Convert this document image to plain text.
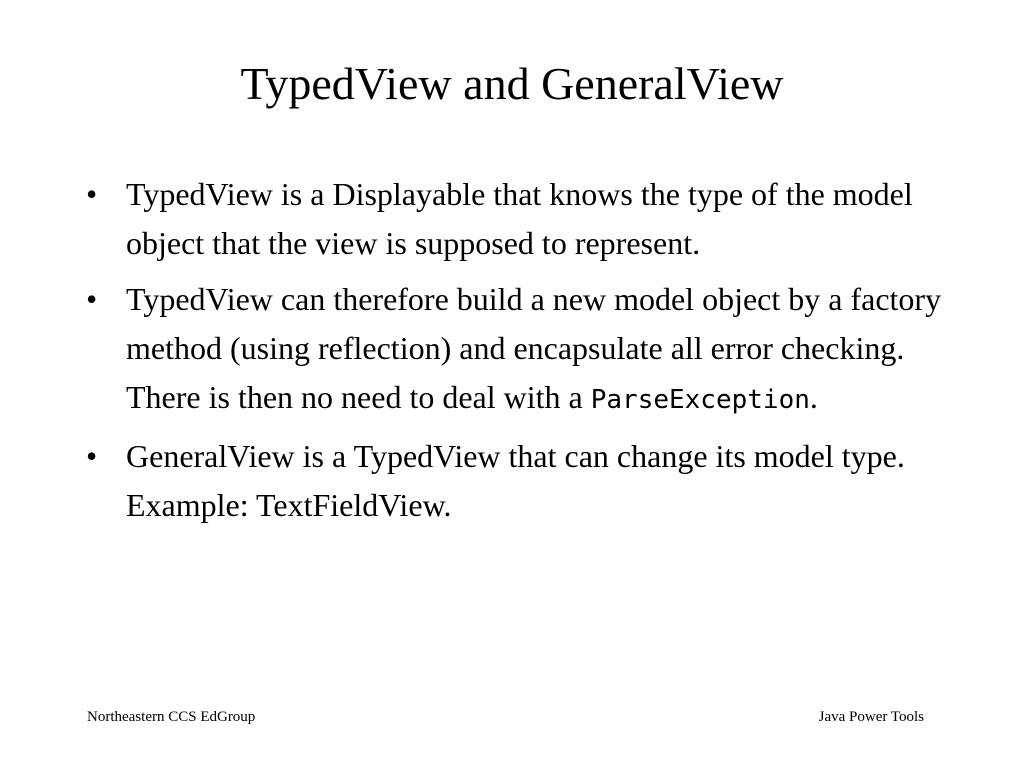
TypedView and GeneralView
• TypedView is a Displayable that knows the type of the model object that the view is supposed to represent.
• TypedView can therefore build a new model object by a factory method (using reflection) and encapsulate all error checking. There is then no need to deal with a ParseException.
• GeneralView is a TypedView that can change its model type. Example: TextFieldView.
Northeastern CCS EdGroup	Java Power Tools
